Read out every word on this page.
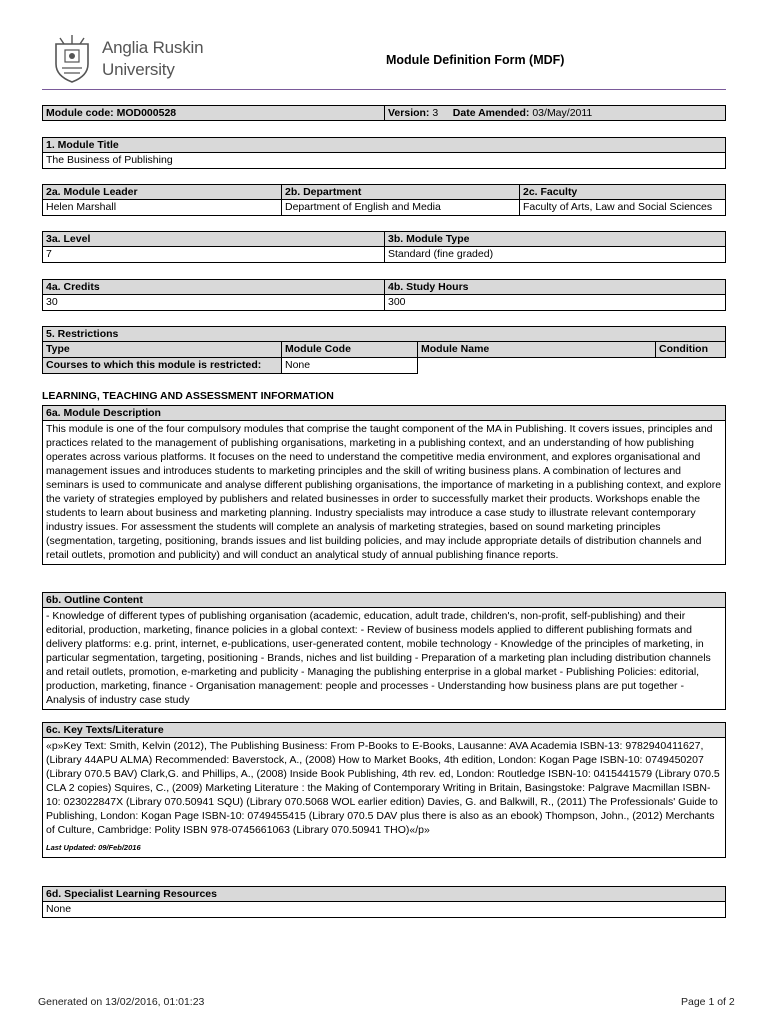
Anglia Ruskin
University	Module Definition Form (MDF)
Module code: MOD000528	Version: 3 Date Amended: 03/May/2011
1. Module Title
The Business of Publishing
2a. Module Leader	2b. Department	2c. Faculty
Helen Marshall	Department of English and Media	Faculty of Arts, Law and Social Sciences
3a. Level	3b. Module Type
7	Standard (fine graded)
4a. Credits	4b. Study Hours
30	300
5. Restrictions
Type	Module Code	Module Name	Condition
Courses to which this module is restricted:	None
LEARNING, TEACHING AND ASSESSMENT INFORMATION
6a. Module Description
This module is one of the four compulsory modules that comprise the taught component of the MA in Publishing. It covers issues, principles and practices related to the management of publishing organisations, marketing in a publishing context, and an understanding of how publishing operates across various platforms. It focuses on the need to understand the competitive media environment, and explores organisational and management issues and introduces students to marketing principles and the skill of writing business plans. A combination of lectures and seminars is used to communicate and analyse different publishing organisations, the importance of marketing in a publishing context, and explore the variety of strategies employed by publishers and related businesses in order to successfully market their products. Workshops enable the students to learn about business and marketing planning. Industry specialists may introduce a case study to illustrate relevant contemporary industry issues. For assessment the students will complete an analysis of marketing strategies, based on sound marketing principles (segmentation, targeting, positioning, brands issues and list building policies, and may include appropriate details of distribution channels and retail outlets, promotion and publicity) and will conduct an analytical study of annual publishing finance reports.
6b. Outline Content
- Knowledge of different types of publishing organisation (academic, education, adult trade, children's, non-profit, self-publishing) and their editorial, production, marketing, finance policies in a global context: - Review of business models applied to different publishing formats and delivery platforms: e.g. print, internet, e-publications, user-generated content, mobile technology - Knowledge of the principles of marketing, in particular segmentation, targeting, positioning - Brands, niches and list building - Preparation of a marketing plan including distribution channels and retail outlets, promotion, e-marketing and publicity - Managing the publishing enterprise in a global market - Publishing Policies: editorial, production, marketing, finance - Organisation management: people and processes - Understanding how business plans are put together - Analysis of industry case study
6c. Key Texts/Literature
«p»Key Text: Smith, Kelvin (2012), The Publishing Business: From P-Books to E-Books, Lausanne: AVA Academia ISBN-13: 9782940411627, (Library 44APU ALMA) Recommended: Baverstock, A., (2008) How to Market Books, 4th edition, London: Kogan Page ISBN-10: 0749450207 (Library 070.5 BAV) Clark,G. and Phillips, A., (2008) Inside Book Publishing, 4th rev. ed, London: Routledge ISBN-10: 0415441579 (Library 070.5 CLA 2 copies) Squires, C., (2009) Marketing Literature : the Making of Contemporary Writing in Britain, Basingstoke: Palgrave Macmillan ISBN-10: 023022847X (Library 070.50941 SQU) (Library 070.5068 WOL earlier edition) Davies, G. and Balkwill, R., (2011) The Professionals' Guide to Publishing, London: Kogan Page ISBN-10: 0749455415 (Library 070.5 DAV plus there is also as an ebook) Thompson, John., (2012) Merchants of Culture, Cambridge: Polity ISBN 978-0745661063 (Library 070.50941 THO)«/p»
Last Updated: 09/Feb/2016
6d. Specialist Learning Resources
None
Generated on 13/02/2016, 01:01:23	Page 1 of 2
